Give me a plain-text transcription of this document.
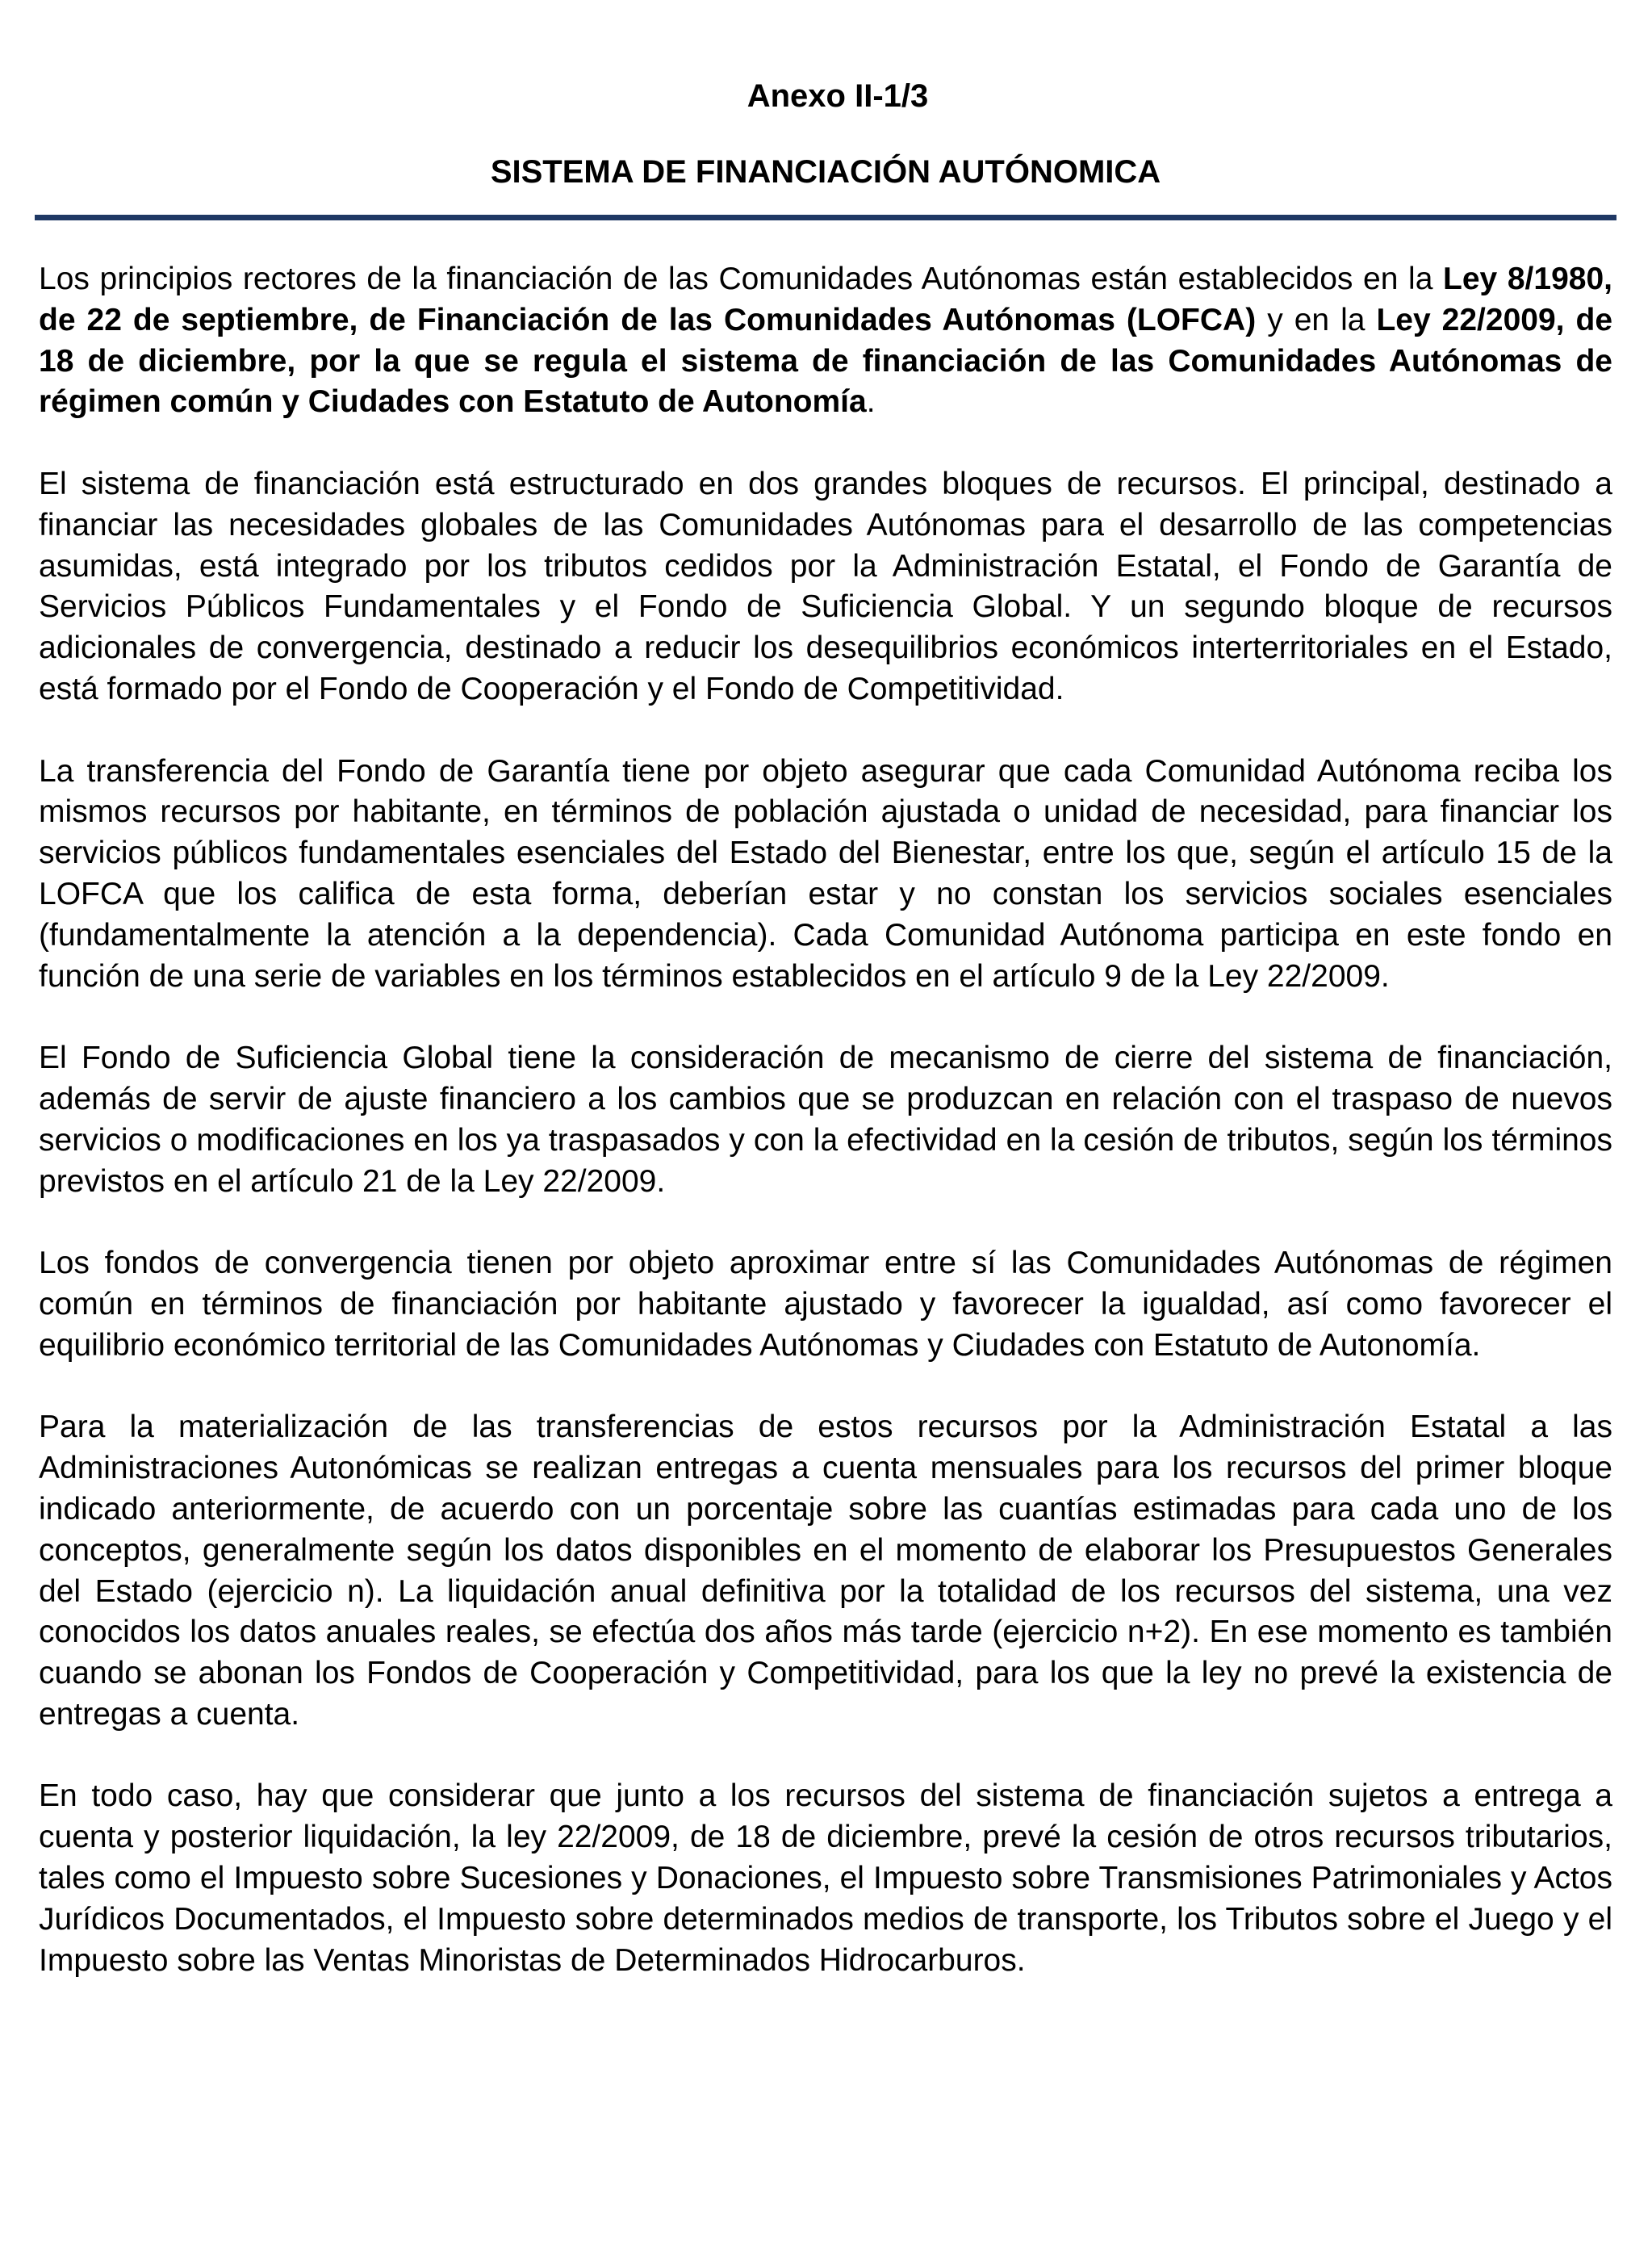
Anexo II-1/3
SISTEMA DE FINANCIACIÓN AUTÓNOMICA

Los principios rectores de la financiación de las Comunidades Autónomas están establecidos en la Ley 8/1980, de 22 de septiembre, de Financiación de las Comunidades Autónomas (LOFCA) y en la Ley 22/2009, de 18 de diciembre, por la que se regula el sistema de financiación de las Comunidades Autónomas de régimen común y Ciudades con Estatuto de Autonomía.

El sistema de financiación está estructurado en dos grandes bloques de recursos. El principal, destinado a financiar las necesidades globales de las Comunidades Autónomas para el desarrollo de las competencias asumidas, está integrado por los tributos cedidos por la Administración Estatal, el Fondo de Garantía de Servicios Públicos Fundamentales y el Fondo de Suficiencia Global. Y un segundo bloque de recursos adicionales de convergencia, destinado a reducir los desequilibrios económicos interterritoriales en el Estado, está formado por el Fondo de Cooperación y el Fondo de Competitividad.

La transferencia del Fondo de Garantía tiene por objeto asegurar que cada Comunidad Autónoma reciba los mismos recursos por habitante, en términos de población ajustada o unidad de necesidad, para financiar los servicios públicos fundamentales esenciales del Estado del Bienestar, entre los que, según el artículo 15 de la LOFCA que los califica de esta forma, deberían estar y no constan los servicios sociales esenciales (fundamentalmente la atención a la dependencia). Cada Comunidad Autónoma participa en este fondo en función de una serie de variables en los términos establecidos en el artículo 9 de la Ley 22/2009.

El Fondo de Suficiencia Global tiene la consideración de mecanismo de cierre del sistema de financiación, además de servir de ajuste financiero a los cambios que se produzcan en relación con el traspaso de nuevos servicios o modificaciones en los ya traspasados y con la efectividad en la cesión de tributos, según los términos previstos en el artículo 21 de la Ley 22/2009.

Los fondos de convergencia tienen por objeto aproximar entre sí las Comunidades Autónomas de régimen común en términos de financiación por habitante ajustado y favorecer la igualdad, así como favorecer el equilibrio económico territorial de las Comunidades Autónomas y Ciudades con Estatuto de Autonomía.

Para la materialización de las transferencias de estos recursos por la Administración Estatal a las Administraciones Autonómicas se realizan entregas a cuenta mensuales para los recursos del primer bloque indicado anteriormente, de acuerdo con un porcentaje sobre las cuantías estimadas para cada uno de los conceptos, generalmente según los datos disponibles en el momento de elaborar los Presupuestos Generales del Estado (ejercicio n). La liquidación anual definitiva por la totalidad de los recursos del sistema, una vez conocidos los datos anuales reales, se efectúa dos años más tarde (ejercicio n+2). En ese momento es también cuando se abonan los Fondos de Cooperación y Competitividad, para los que la ley no prevé la existencia de entregas a cuenta.

En todo caso, hay que considerar que junto a los recursos del sistema de financiación sujetos a entrega a cuenta y posterior liquidación, la ley 22/2009, de 18 de diciembre, prevé la cesión de otros recursos tributarios, tales como el Impuesto sobre Sucesiones y Donaciones, el Impuesto sobre Transmisiones Patrimoniales y Actos Jurídicos Documentados, el Impuesto sobre determinados medios de transporte, los Tributos sobre el Juego y el Impuesto sobre las Ventas Minoristas de Determinados Hidrocarburos.
